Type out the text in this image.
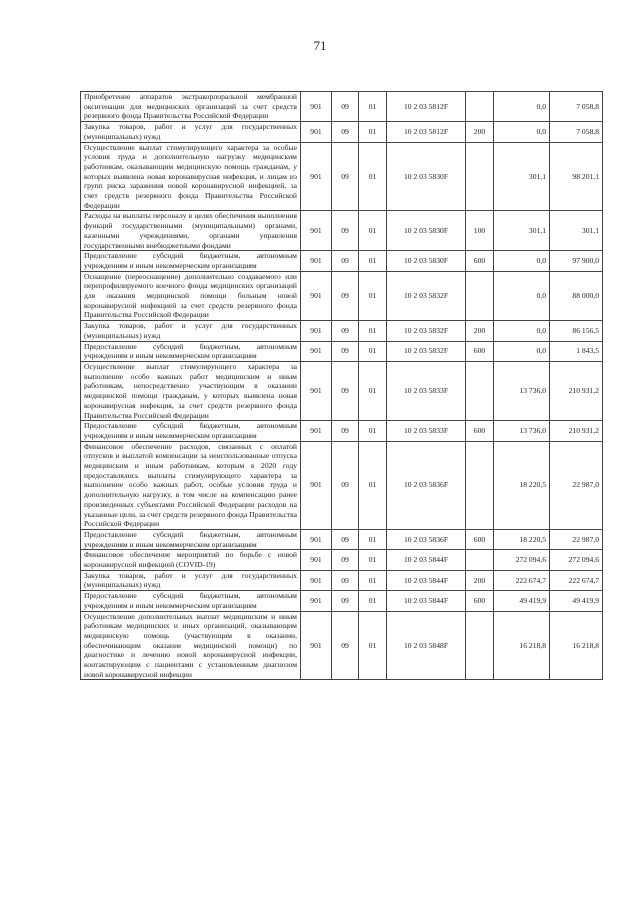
71
Приобретение аппаратов экстракорпоральной мембранной оксигенации для медицинских организаций за счет средств резервного фонда Правительства Российской Федерации	901	09	01	10 2 03 5812F		0,0	7 058,8
Закупка товаров, работ и услуг для государственных (муниципальных) нужд	901	09	01	10 2 03 5812F	200	0,0	7 058,8
Осуществление выплат стимулирующего характера за особые условия труда и дополнительную нагрузку медицинским работникам, оказывающим медицинскую помощь гражданам, у которых выявлена новая коронавирусная инфекция, и лицам из групп риска заражения новой коронавирусной инфекцией, за счет средств резервного фонда Правительства Российской Федерации	901	09	01	10 2 03 5830F		301,1	98 201,1
Расходы на выплаты персоналу в целях обеспечения выполнения функций государственными (муниципальными) органами, казенными учреждениями, органами управления государственными внебюджетными фондами	901	09	01	10 2 03 5830F	100	301,1	301,1
Предоставление субсидий бюджетным, автономным учреждениям и иным некоммерческим организациям	901	09	01	10 2 03 5830F	600	0,0	97 900,0
Оснащение (переоснащение) дополнительно создаваемого или перепрофилируемого коечного фонда медицинских организаций для оказания медицинской помощи больным новой коронавирусной инфекцией за счет средств резервного фонда Правительства Российской Федерации	901	09	01	10 2 03 5832F		0,0	88 000,0
Закупка товаров, работ и услуг для государственных (муниципальных) нужд	901	09	01	10 2 03 5832F	200	0,0	86 156,5
Предоставление субсидий бюджетным, автономным учреждениям и иным некоммерческим организациям	901	09	01	10 2 03 5832F	600	0,0	1 843,5
Осуществление выплат стимулирующего характера за выполнение особо важных работ медицинским и иным работникам, непосредственно участвующим в оказании медицинской помощи гражданам, у которых выявлена новая коронавирусная инфекция, за счет средств резервного фонда Правительства Российской Федерации	901	09	01	10 2 03 5833F		13 736,0	210 931,2
Предоставление субсидий бюджетным, автономным учреждениям и иным некоммерческим организациям	901	09	01	10 2 03 5833F	600	13 736,0	210 931,2
Финансовое обеспечение расходов, связанных с оплатой отпусков и выплатой компенсации за неиспользованные отпуска медицинским и иным работникам, которым в 2020 году предоставлялись выплаты стимулирующего характера за выполнение особо важных работ, особые условия труда и дополнительную нагрузку, в том числе на компенсацию ранее произведенных субъектами Российской Федерации расходов на указанные цели, за счет средств резервного фонда Правительства Российской Федерации	901	09	01	10 2 03 5836F		18 220,5	22 987,0
Предоставление субсидий бюджетным, автономным учреждениям и иным некоммерческим организациям	901	09	01	10 2 03 5836F	600	18 220,5	22 987,0
Финансовое обеспечение мероприятий по борьбе с новой коронавирусной инфекцией (COVID-19)	901	09	01	10 2 03 5844F		272 094,6	272 094,6
Закупка товаров, работ и услуг для государственных (муниципальных) нужд	901	09	01	10 2 03 5844F	200	222 674,7	222 674,7
Предоставление субсидий бюджетным, автономным учреждениям и иным некоммерческим организациям	901	09	01	10 2 03 5844F	600	49 419,9	49 419,9
Осуществление дополнительных выплат медицинским и иным работникам медицинских и иных организаций, оказывающим медицинскую помощь (участвующим в оказании, обеспечивающим оказание медицинской помощи) по диагностике и лечению новой коронавирусной инфекции, контактирующим с пациентами с установленным диагнозом новой коронавирусной инфекции	901	09	01	10 2 03 5848F		16 218,8	16 218,8
